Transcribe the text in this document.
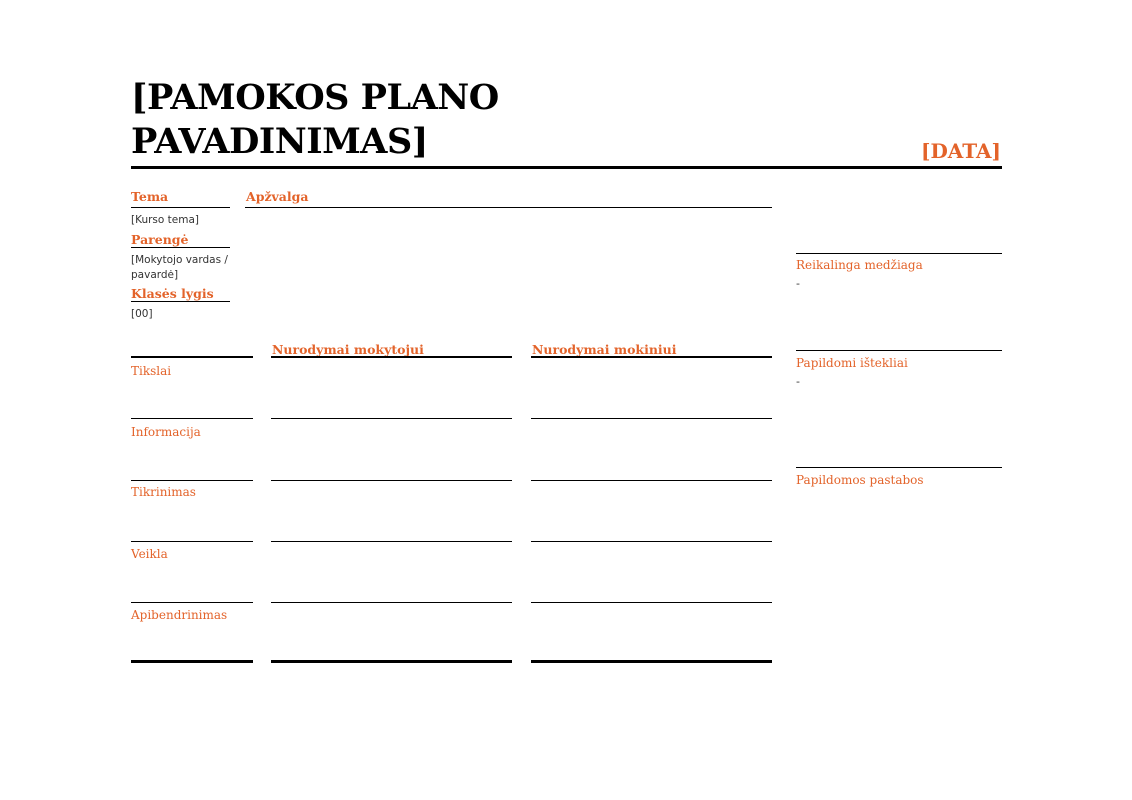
[PAMOKOS PLANO PAVADINIMAS]	[DATA]
Tema
[Kurso tema]
Parengė
[Mokytojo vardas /
pavardė]
Klasės lygis
[00]
Apžvalga
Nurodymai mokytojui	Nurodymai mokiniui
Tikslai
Informacija
Tikrinimas
Veikla
Apibendrinimas
Reikalinga medžiaga
-
Papildomi ištekliai
-
Papildomos pastabos
